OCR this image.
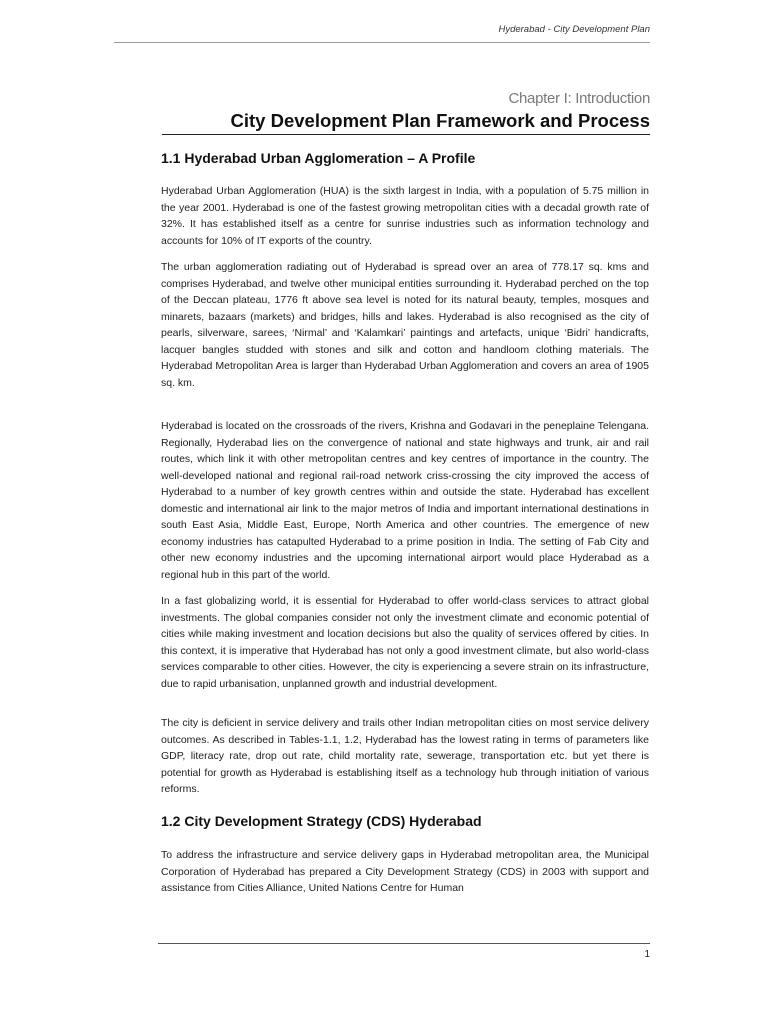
Hyderabad - City Development Plan
Chapter I: Introduction
City Development Plan Framework and Process
1.1 Hyderabad Urban Agglomeration – A Profile

Hyderabad Urban Agglomeration (HUA) is the sixth largest in India, with a population of 5.75 million in the year 2001. Hyderabad is one of the fastest growing metropolitan cities with a decadal growth rate of 32%. It has established itself as a centre for sunrise industries such as information technology and accounts for 10% of IT exports of the country.

The urban agglomeration radiating out of Hyderabad is spread over an area of 778.17 sq. kms and comprises Hyderabad, and twelve other municipal entities surrounding it. Hyderabad perched on the top of the Deccan plateau, 1776 ft above sea level is noted for its natural beauty, temples, mosques and minarets, bazaars (markets) and bridges, hills and lakes. Hyderabad is also recognised as the city of pearls, silverware, sarees, ‘Nirmal’ and ‘Kalamkari’ paintings and artefacts, unique ‘Bidri’ handicrafts, lacquer bangles studded with stones and silk and cotton and handloom clothing materials. The Hyderabad Metropolitan Area is larger than Hyderabad Urban Agglomeration and covers an area of 1905 sq. km.

Hyderabad is located on the crossroads of the rivers, Krishna and Godavari in the peneplaine Telengana. Regionally, Hyderabad lies on the convergence of national and state highways and trunk, air and rail routes, which link it with other metropolitan centres and key centres of importance in the country. The well-developed national and regional rail-road network criss-crossing the city improved the access of Hyderabad to a number of key growth centres within and outside the state. Hyderabad has excellent domestic and international air link to the major metros of India and important international destinations in south East Asia, Middle East, Europe, North America and other countries. The emergence of new economy industries has catapulted Hyderabad to a prime position in India. The setting of Fab City and other new economy industries and the upcoming international airport would place Hyderabad as a regional hub in this part of the world.

In a fast globalizing world, it is essential for Hyderabad to offer world-class services to attract global investments. The global companies consider not only the investment climate and economic potential of cities while making investment and location decisions but also the quality of services offered by cities. In this context, it is imperative that Hyderabad has not only a good investment climate, but also world-class services comparable to other cities. However, the city is experiencing a severe strain on its infrastructure, due to rapid urbanisation, unplanned growth and industrial development.

The city is deficient in service delivery and trails other Indian metropolitan cities on most service delivery outcomes. As described in Tables-1.1, 1.2, Hyderabad has the lowest rating in terms of parameters like GDP, literacy rate, drop out rate, child mortality rate, sewerage, transportation etc. but yet there is potential for growth as Hyderabad is establishing itself as a technology hub through initiation of various reforms.

1.2 City Development Strategy (CDS) Hyderabad

To address the infrastructure and service delivery gaps in Hyderabad metropolitan area, the Municipal Corporation of Hyderabad has prepared a City Development Strategy (CDS) in 2003 with support and assistance from Cities Alliance, United Nations Centre for Human

1
